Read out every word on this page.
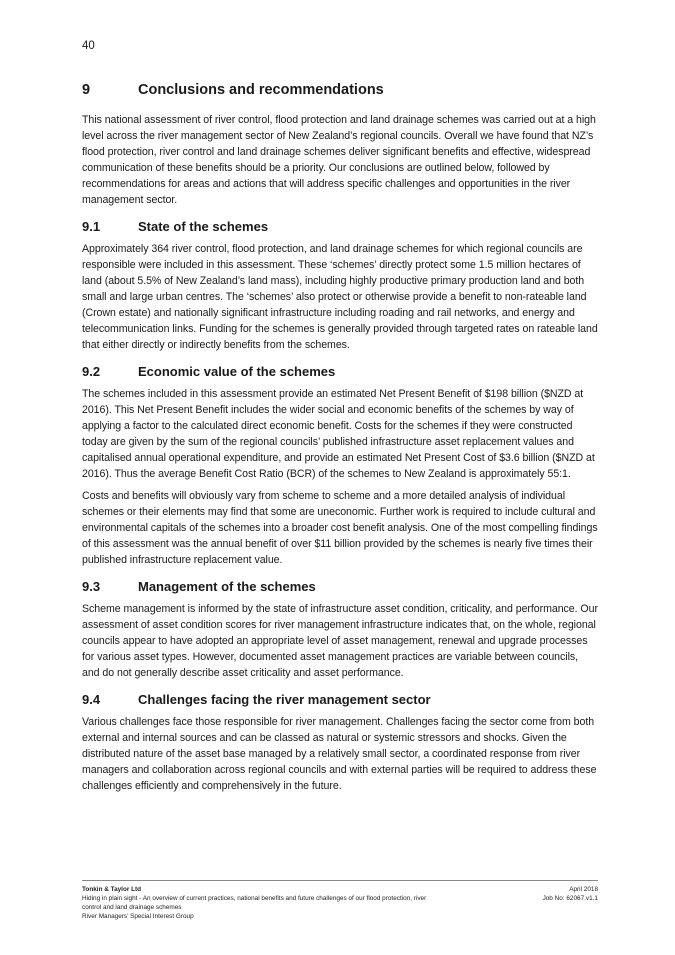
40
9	Conclusions and recommendations

This national assessment of river control, flood protection and land drainage schemes was carried out at a high level across the river management sector of New Zealand’s regional councils. Overall we have found that NZ’s flood protection, river control and land drainage schemes deliver significant benefits and effective, widespread communication of these benefits should be a priority. Our conclusions are outlined below, followed by recommendations for areas and actions that will address specific challenges and opportunities in the river management sector.

9.1	State of the schemes

Approximately 364 river control, flood protection, and land drainage schemes for which regional councils are responsible were included in this assessment. These ‘schemes’ directly protect some 1.5 million hectares of land (about 5.5% of New Zealand’s land mass), including highly productive primary production land and both small and large urban centres. The ‘schemes’ also protect or otherwise provide a benefit to non-rateable land (Crown estate) and nationally significant infrastructure including roading and rail networks, and energy and telecommunication links. Funding for the schemes is generally provided through targeted rates on rateable land that either directly or indirectly benefits from the schemes.

9.2	Economic value of the schemes

The schemes included in this assessment provide an estimated Net Present Benefit of $198 billion ($NZD at 2016). This Net Present Benefit includes the wider social and economic benefits of the schemes by way of applying a factor to the calculated direct economic benefit. Costs for the schemes if they were constructed today are given by the sum of the regional councils’ published infrastructure asset replacement values and capitalised annual operational expenditure, and provide an estimated Net Present Cost of $3.6 billion ($NZD at 2016). Thus the average Benefit Cost Ratio (BCR) of the schemes to New Zealand is approximately 55:1.

Costs and benefits will obviously vary from scheme to scheme and a more detailed analysis of individual schemes or their elements may find that some are uneconomic. Further work is required to include cultural and environmental capitals of the schemes into a broader cost benefit analysis. One of the most compelling findings of this assessment was the annual benefit of over $11 billion provided by the schemes is nearly five times their published infrastructure replacement value.

9.3	Management of the schemes

Scheme management is informed by the state of infrastructure asset condition, criticality, and performance. Our assessment of asset condition scores for river management infrastructure indicates that, on the whole, regional councils appear to have adopted an appropriate level of asset management, renewal and upgrade processes for various asset types. However, documented asset management practices are variable between councils, and do not generally describe asset criticality and asset performance.

9.4	Challenges facing the river management sector

Various challenges face those responsible for river management. Challenges facing the sector come from both external and internal sources and can be classed as natural or systemic stressors and shocks. Given the distributed nature of the asset base managed by a relatively small sector, a coordinated response from river managers and collaboration across regional councils and with external parties will be required to address these challenges efficiently and comprehensively in the future.

Tonkin & Taylor Ltd
Hiding in plain sight - An overview of current practices, national benefits and future challenges of our flood protection, river control and land drainage schemes
River Managers’ Special Interest Group
April 2018
Job No: 62067.v1.1
